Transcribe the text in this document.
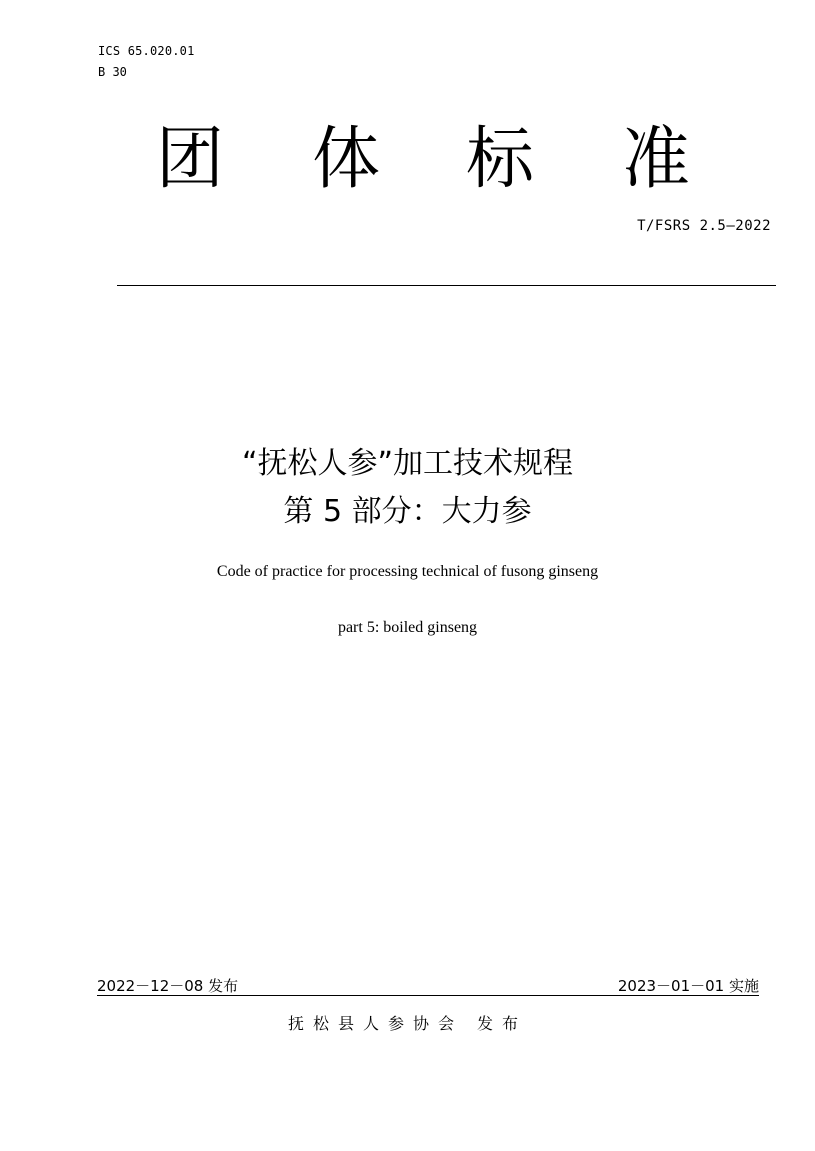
ICS 65.020.01
B 30
团 体 标 准
T/FSRS 2.5—2022
“抚松人参”加工技术规程
第 5 部分：大力参
Code of practice for processing technical of fusong ginseng
part 5: boiled ginseng
2022－12－08 发布	2023－01－01 实施
抚松县人参协会 发布
